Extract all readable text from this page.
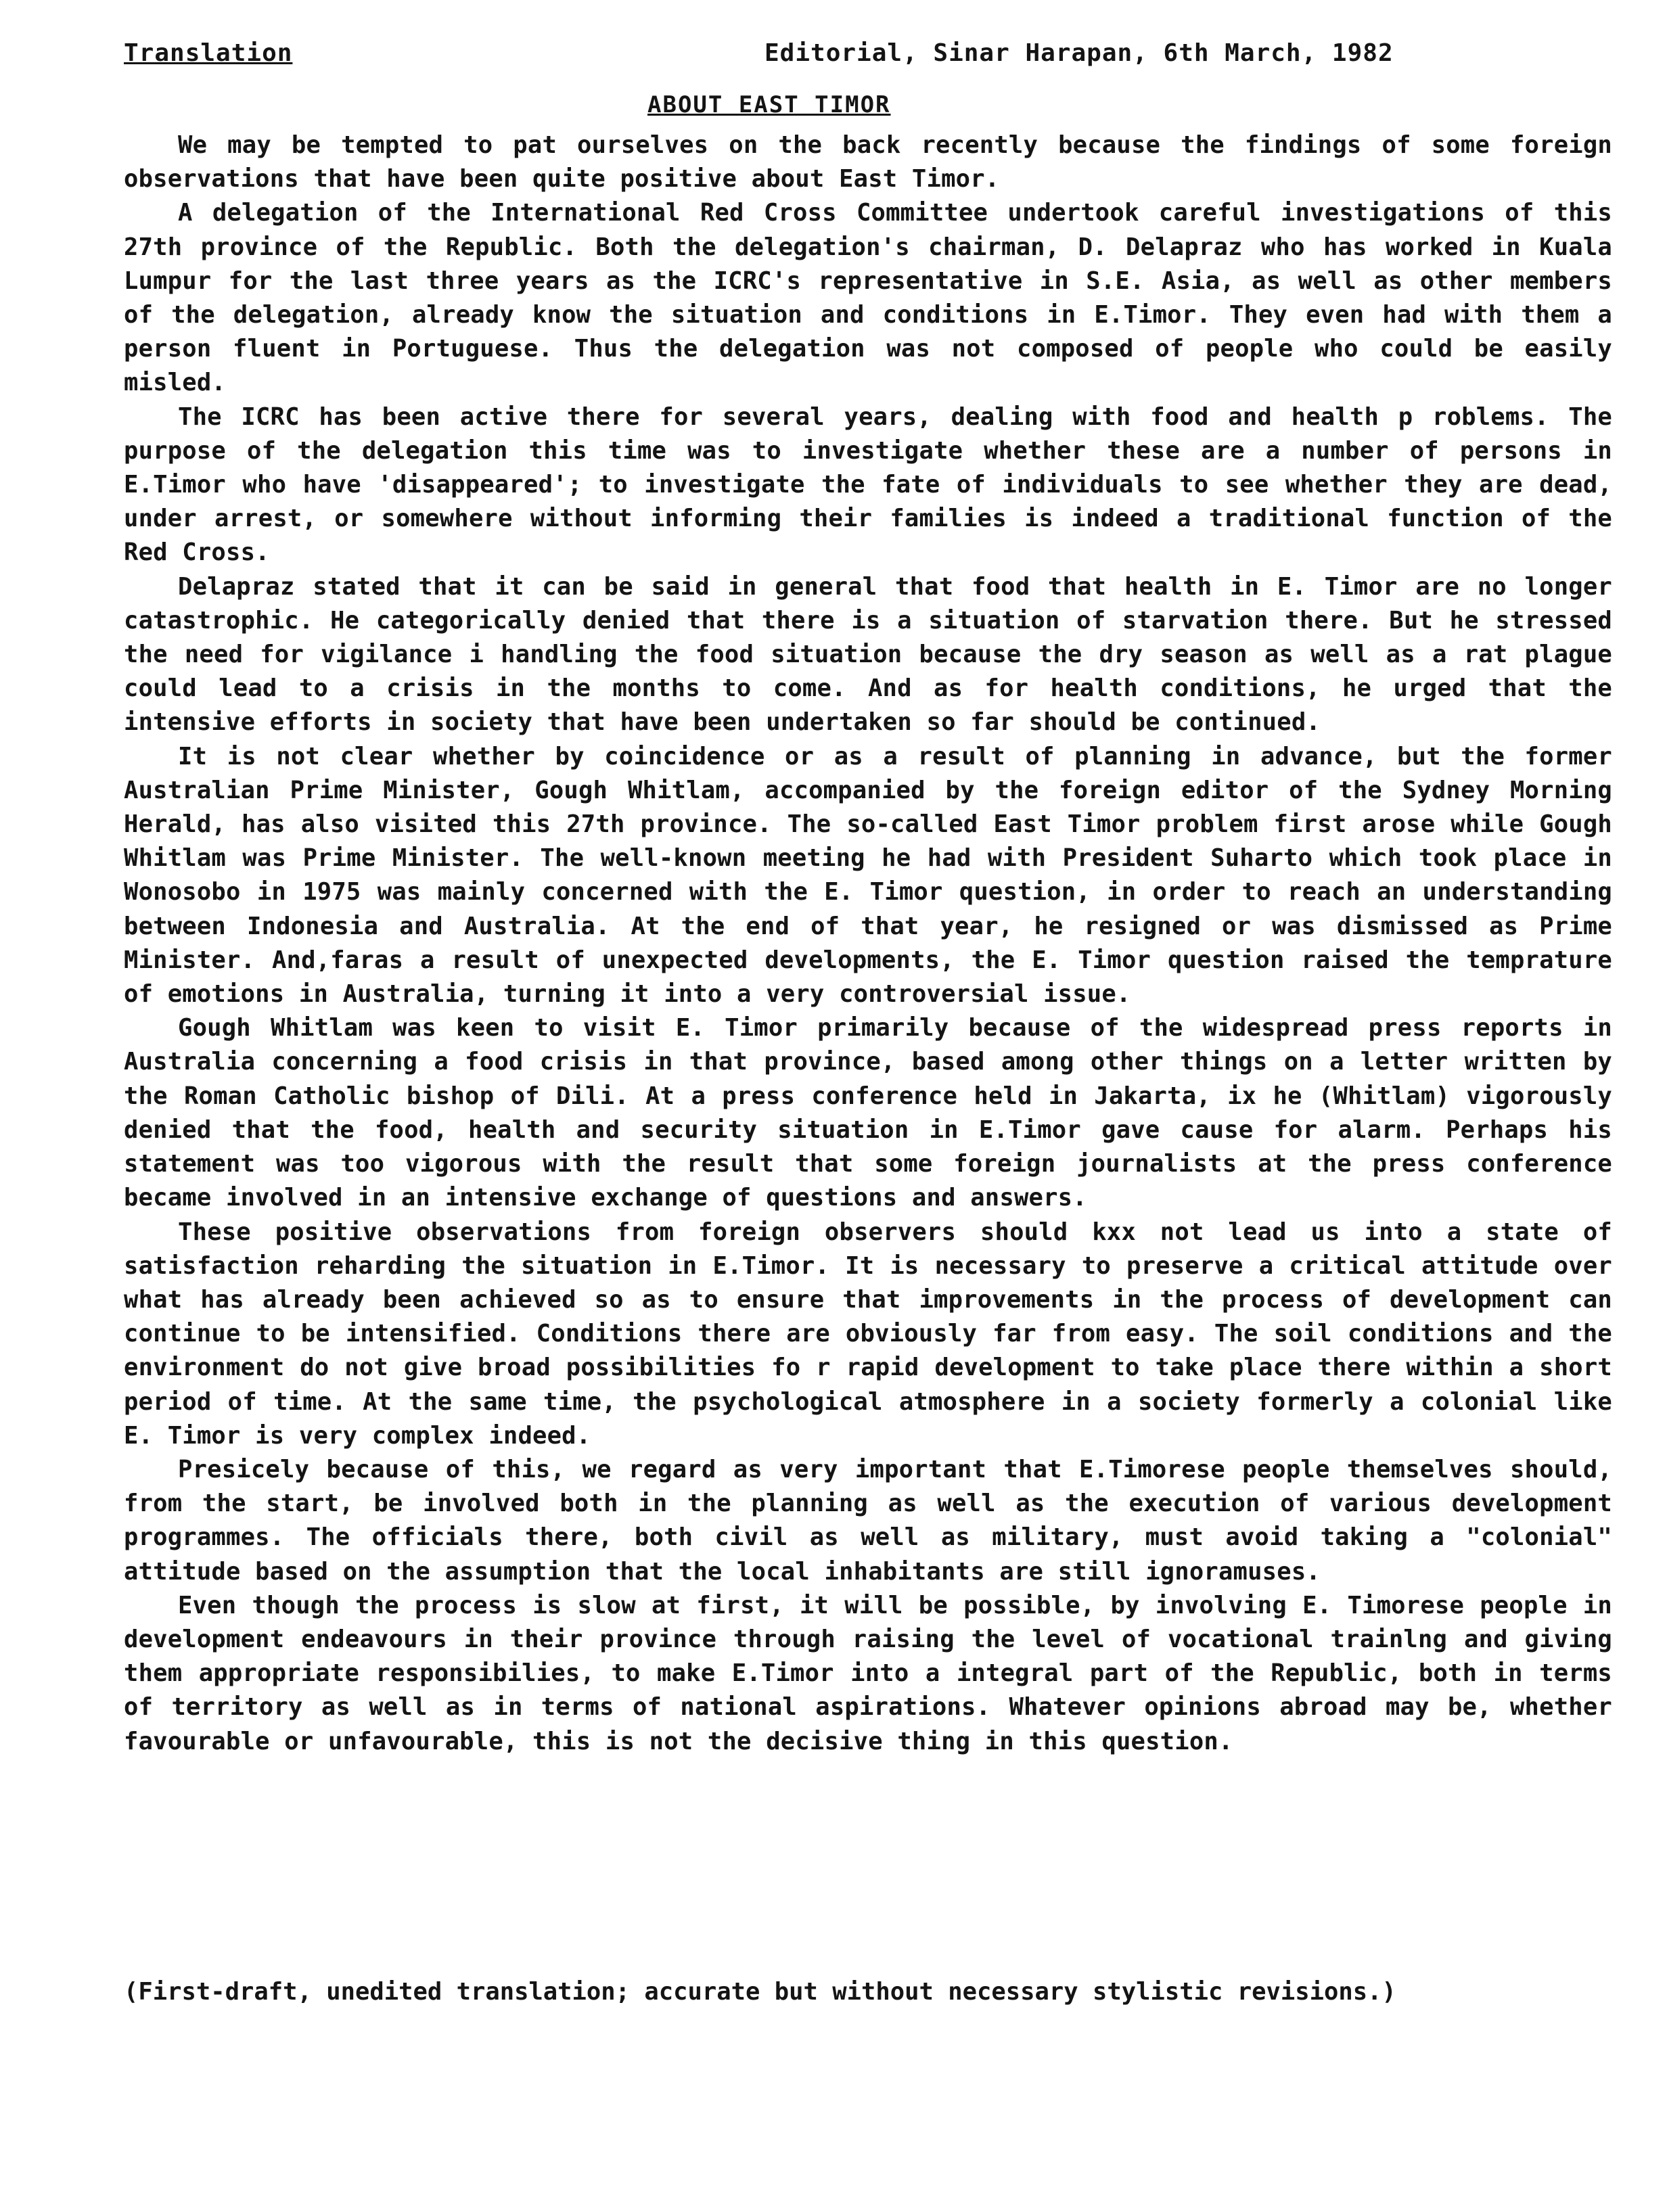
Translation	Editorial, Sinar Harapan, 6th March, 1982
ABOUT EAST TIMOR

We may be tempted to pat ourselves on the back recently because the findings of some foreign observations that have been quite positive about East Timor.

A delegation of the International Red Cross Committee undertook careful investigations of this 27th province of the Republic. Both the delegation's chairman, D. Delapraz who has worked in Kuala Lumpur for the last three years as the ICRC's representative in S.E. Asia, as well as other members of the delegation, already know the situation and conditions in E.Timor. They even had with them a person fluent in Portuguese. Thus the delegation was not composed of people who could be easily misled.

The ICRC has been active there for several years, dealing with food and health p roblems. The purpose of the delegation this time was to investigate whether these are a number of persons in E.Timor who have 'disappeared'; to investigate the fate of individuals to see whether they are dead, under arrest, or somewhere without informing their families is indeed a traditional function of the Red Cross.

Delapraz stated that it can be said in general that food that health in E. Timor are no longer catastrophic. He categorically denied that there is a situation of starvation there. But he stressed the need for vigilance i handling the food situation because the dry season as well as a rat plague could lead to a crisis in the months to come. And as for health conditions, he urged that the intensive efforts in society that have been undertaken so far should be continued.

It is not clear whether by coincidence or as a result of planning in advance, but the former Australian Prime Minister, Gough Whitlam, accompanied by the foreign editor of the Sydney Morning Herald, has also visited this 27th province. The so-called East Timor problem first arose while Gough Whitlam was Prime Minister. The well-known meeting he had with President Suharto which took place in Wonosobo in 1975 was mainly concerned with the E. Timor question, in order to reach an understanding between Indonesia and Australia. At the end of that year, he resigned or was dismissed as Prime Minister. And,faras a result of unexpected developments, the E. Timor question raised the temprature of emotions in Australia, turning it into a very controversial issue.

Gough Whitlam was keen to visit E. Timor primarily because of the widespread press reports in Australia concerning a food crisis in that province, based among other things on a letter written by the Roman Catholic bishop of Dili. At a press conference held in Jakarta, ix he (Whitlam) vigorously denied that the food, health and security situation in E.Timor gave cause for alarm. Perhaps his statement was too vigorous with the result that some foreign journalists at the press conference became involved in an intensive exchange of questions and answers.

These positive observations from foreign observers should kxx not lead us into a state of satisfaction reharding the situation in E.Timor. It is necessary to preserve a critical attitude over what has already been achieved so as to ensure that improvements in the process of development can continue to be intensified. Conditions there are obviously far from easy. The soil conditions and the environment do not give broad possibilities fo r rapid development to take place there within a short period of time. At the same time, the psychological atmosphere in a society formerly a colonial like E. Timor is very complex indeed.

Presicely because of this, we regard as very important that E.Timorese people themselves should, from the start, be involved both in the planning as well as the execution of various development programmes. The officials there, both civil as well as military, must avoid taking a "colonial" attitude based on the assumption that the local inhabitants are still ignoramuses.

Even though the process is slow at first, it will be possible, by involving E. Timorese people in development endeavours in their province through raising the level of vocational trainlng and giving them appropriate responsibilies, to make E.Timor into a integral part of the Republic, both in terms of territory as well as in terms of national aspirations. Whatever opinions abroad may be, whether favourable or unfavourable, this is not the decisive thing in this question.

(First-draft, unedited translation; accurate but without necessary stylistic revisions.)
